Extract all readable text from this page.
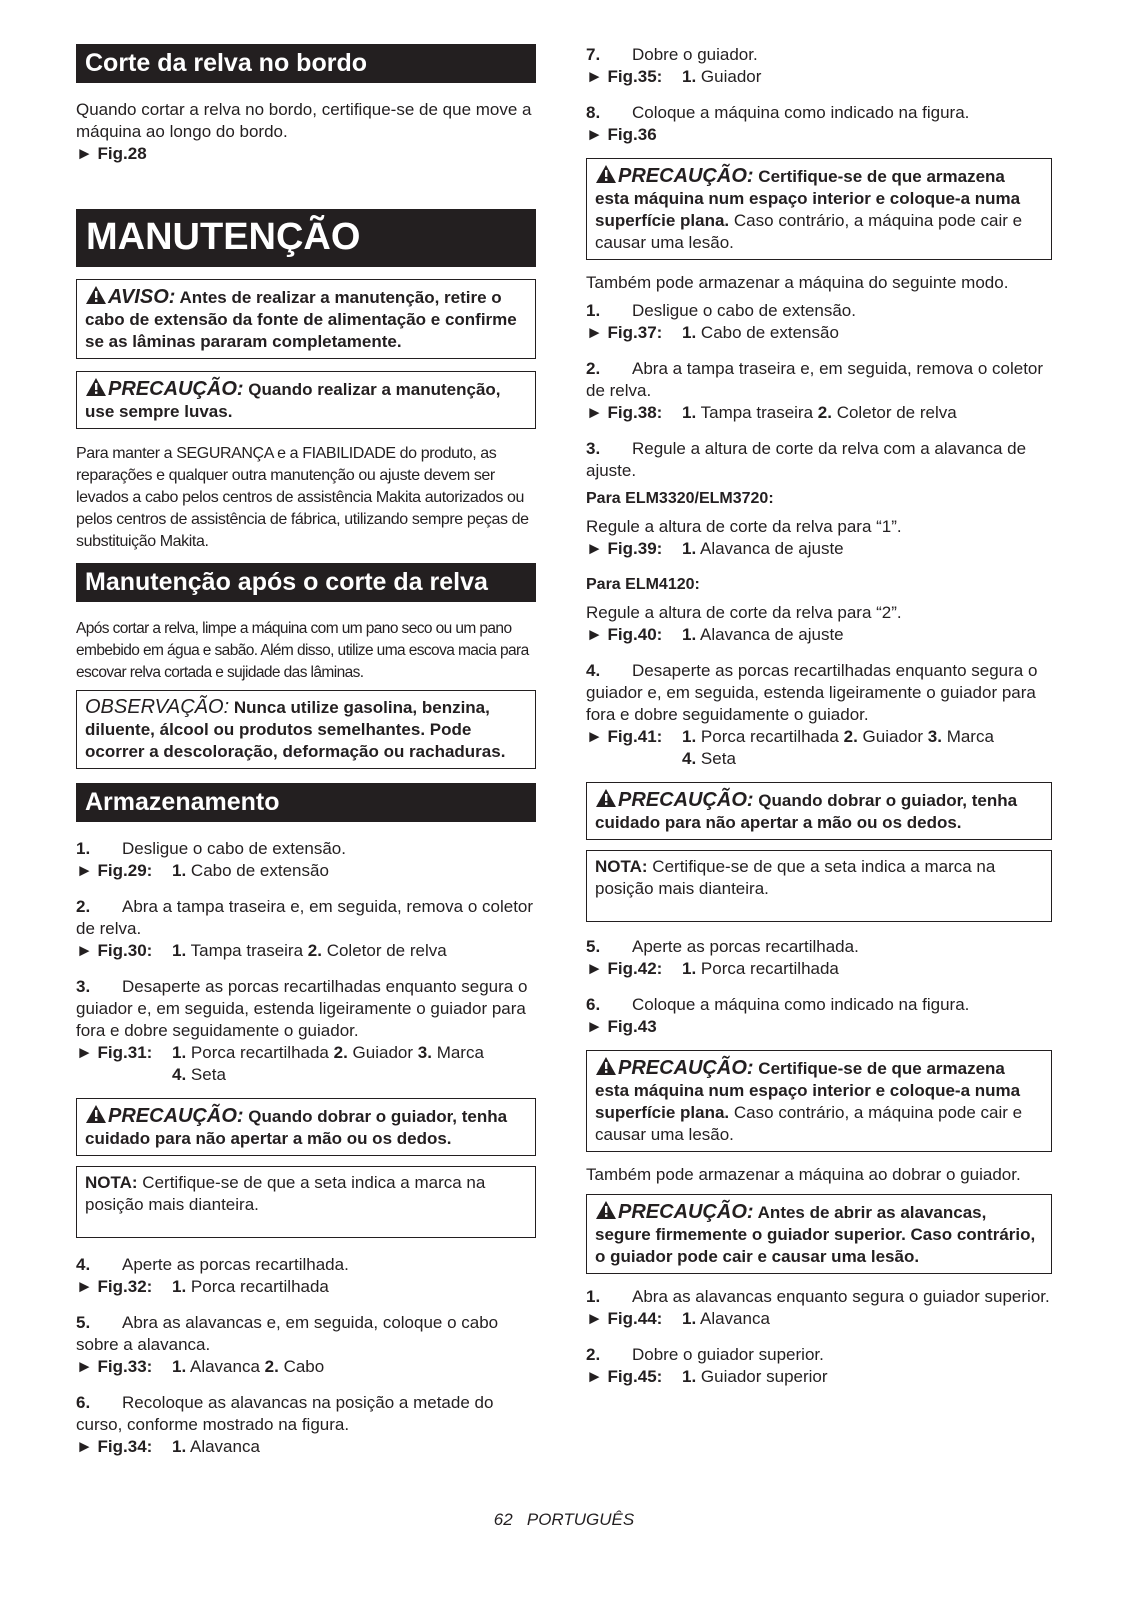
Corte da relva no bordo

Quando cortar a relva no bordo, certifique-se de que move a máquina ao longo do bordo.

► Fig.28

MANUTENÇÃO
AVISO: Antes de realizar a manutenção, retire o cabo de extensão da fonte de alimentação e confirme se as lâminas pararam completamente.
PRECAUÇÃO: Quando realizar a manutenção, use sempre luvas.

Para manter a SEGURANÇA e a FIABILIDADE do produto, as reparações e qualquer outra manutenção ou ajuste devem ser levados a cabo pelos centros de assistência Makita autorizados ou pelos centros de assistência de fábrica, utilizando sempre peças de substituição Makita.

Manutenção após o corte da relva

Após cortar a relva, limpe a máquina com um pano seco ou um pano embebido em água e sabão. Além disso, utilize uma escova macia para escovar relva cortada e sujidade das lâminas.

OBSERVAÇÃO: Nunca utilize gasolina, benzina, diluente, álcool ou produtos semelhantes. Pode ocorrer a descoloração, deformação ou rachaduras.
Armazenamento

1. Desligue o cabo de extensão.

► Fig.29: 1. Cabo de extensão

2. Abra a tampa traseira e, em seguida, remova o coletor de relva.

► Fig.30: 1. Tampa traseira 2. Coletor de relva

3. Desaperte as porcas recartilhadas enquanto segura o guiador e, em seguida, estenda ligeiramente o guiador para fora e dobre seguidamente o guiador.

► Fig.31: 1. Porca recartilhada 2. Guiador 3. Marca

4. Seta

PRECAUÇÃO: Quando dobrar o guiador, tenha cuidado para não apertar a mão ou os dedos.
NOTA: Certifique-se de que a seta indica a marca na posição mais dianteira.

4. Aperte as porcas recartilhada.

► Fig.32: 1. Porca recartilhada

5. Abra as alavancas e, em seguida, coloque o cabo sobre a alavanca.

► Fig.33: 1. Alavanca 2. Cabo

6. Recoloque as alavancas na posição a metade do curso, conforme mostrado na figura.

► Fig.34: 1. Alavanca

7. Dobre o guiador.

► Fig.35: 1. Guiador

8. Coloque a máquina como indicado na figura.

► Fig.36

PRECAUÇÃO: Certifique-se de que armazena esta máquina num espaço interior e coloque-a numa superfície plana. Caso contrário, a máquina pode cair e causar uma lesão.

Também pode armazenar a máquina do seguinte modo.

1. Desligue o cabo de extensão.

► Fig.37: 1. Cabo de extensão

2. Abra a tampa traseira e, em seguida, remova o coletor de relva.

► Fig.38: 1. Tampa traseira 2. Coletor de relva

3. Regule a altura de corte da relva com a alavanca de ajuste.

Para ELM3320/ELM3720:

Regule a altura de corte da relva para “1”.

► Fig.39: 1. Alavanca de ajuste

Para ELM4120:

Regule a altura de corte da relva para “2”.

► Fig.40: 1. Alavanca de ajuste

4. Desaperte as porcas recartilhadas enquanto segura o guiador e, em seguida, estenda ligeiramente o guiador para fora e dobre seguidamente o guiador.

► Fig.41: 1. Porca recartilhada 2. Guiador 3. Marca

4. Seta

PRECAUÇÃO: Quando dobrar o guiador, tenha cuidado para não apertar a mão ou os dedos.
NOTA: Certifique-se de que a seta indica a marca na posição mais dianteira.

5. Aperte as porcas recartilhada.

► Fig.42: 1. Porca recartilhada

6. Coloque a máquina como indicado na figura.

► Fig.43

PRECAUÇÃO: Certifique-se de que armazena esta máquina num espaço interior e coloque-a numa superfície plana. Caso contrário, a máquina pode cair e causar uma lesão.

Também pode armazenar a máquina ao dobrar o guiador.

PRECAUÇÃO: Antes de abrir as alavancas, segure firmemente o guiador superior. Caso contrário, o guiador pode cair e causar uma lesão.

1. Abra as alavancas enquanto segura o guiador superior.

► Fig.44: 1. Alavanca

2. Dobre o guiador superior.

► Fig.45: 1. Guiador superior

62 PORTUGUÊS
